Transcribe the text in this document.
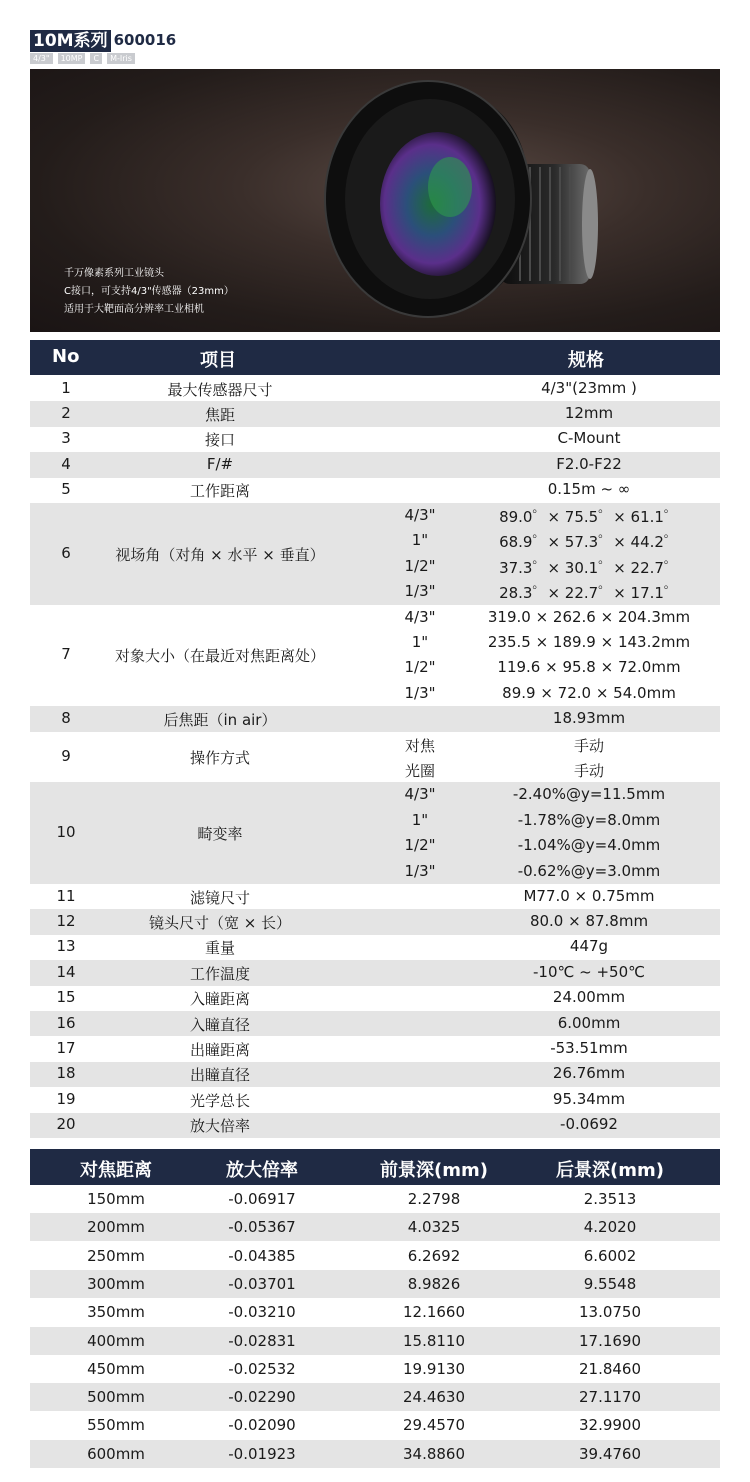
10M系列 600016
4/3"	10MP	C	M-Iris
千万像素系列工业镜头
C接口，可支持4/3"传感器（23mm）
适用于大靶面高分辨率工业相机
No	项目	规格
1	最大传感器尺寸	4/3"(23mm )
2	焦距	12mm
3	接口	C-Mount
4	F/#	F2.0-F22
5	工作距离	0.15m ~ ∞
6	视场角（对角 × 水平 × 垂直）
4/3"	89.0゜× 75.5゜× 61.1゜
1"	68.9゜× 57.3゜× 44.2゜
1/2"	37.3゜× 30.1゜× 22.7゜
1/3"	28.3゜× 22.7゜× 17.1゜
7	对象大小（在最近对焦距离处）
4/3"	319.0 × 262.6 × 204.3mm
1"	235.5 × 189.9 × 143.2mm
1/2"	119.6 × 95.8 × 72.0mm
1/3"	89.9 × 72.0 × 54.0mm
8	后焦距（in air）	18.93mm
9	操作方式
对焦	手动
光圈	手动
10	畸变率
4/3"	-2.40%@y=11.5mm
1"	-1.78%@y=8.0mm
1/2"	-1.04%@y=4.0mm
1/3"	-0.62%@y=3.0mm
11	滤镜尺寸	M77.0 × 0.75mm
12	镜头尺寸（宽 × 长）	80.0 × 87.8mm
13	重量	447g
14	工作温度	-10℃ ~ +50℃
15	入瞳距离	24.00mm
16	入瞳直径	6.00mm
17	出瞳距离	-53.51mm
18	出瞳直径	26.76mm
19	光学总长	95.34mm
20	放大倍率	-0.0692
对焦距离	放大倍率	前景深(mm)	后景深(mm)
150mm	-0.06917	2.2798	2.3513
200mm	-0.05367	4.0325	4.2020
250mm	-0.04385	6.2692	6.6002
300mm	-0.03701	8.9826	9.5548
350mm	-0.03210	12.1660	13.0750
400mm	-0.02831	15.8110	17.1690
450mm	-0.02532	19.9130	21.8460
500mm	-0.02290	24.4630	27.1170
550mm	-0.02090	29.4570	32.9900
600mm	-0.01923	34.8860	39.4760
